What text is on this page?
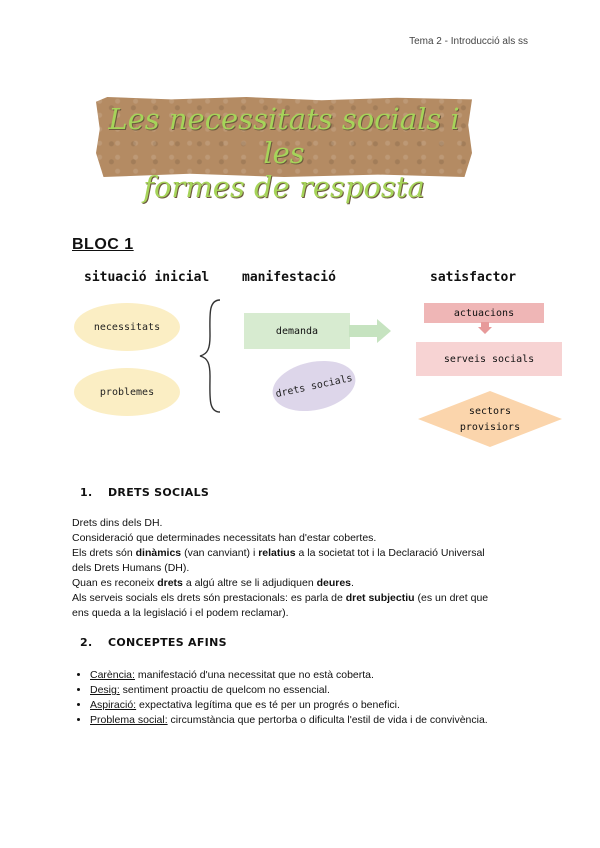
Tema 2 - Introducció als ss
Les necessitats socials i les
formes de resposta
BLOC 1
situació inicial	manifestació	satisfactor
necessitats
problemes
demanda
drets socials
actuacions
serveis socials
sectors
provisiors
1. DRETS SOCIALS
Drets dins dels DH.
Consideració que determinades necessitats han d'estar cobertes.
Els drets són dinàmics (van canviant) i relatius a la societat tot i la Declaració Universal
dels Drets Humans (DH).
Quan es reconeix drets a algú altre se li adjudiquen deures.
Als serveis socials els drets són prestacionals: es parla de dret subjectiu (es un dret que
ens queda a la legislació i el podem reclamar).
2. CONCEPTES AFINS
• Carència: manifestació d'una necessitat que no està coberta.
• Desig: sentiment proactiu de quelcom no essencial.
• Aspiració: expectativa legítima que es té per un progrés o benefici.
• Problema social: circumstància que pertorba o dificulta l'estil de vida i de convivència.
